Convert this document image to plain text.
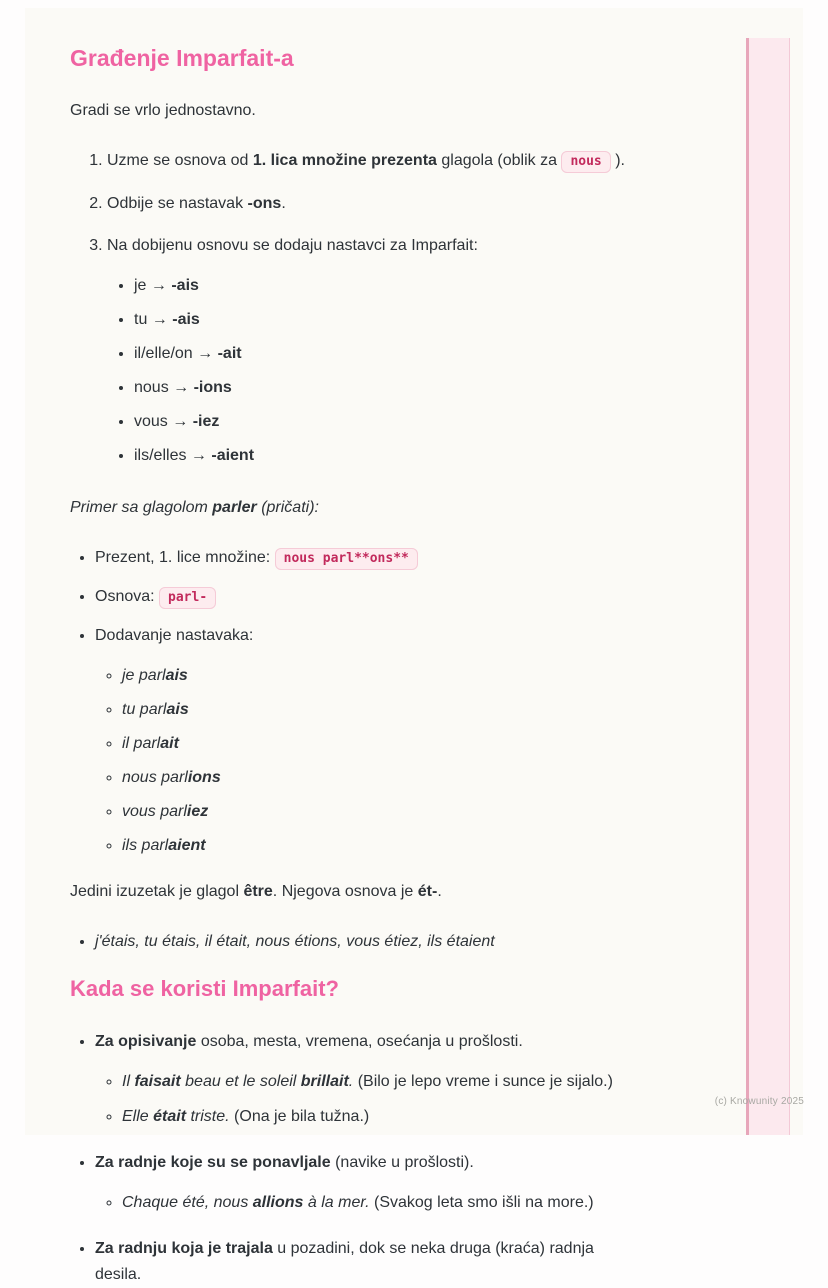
Građenje Imparfait-a

Gradi se vrlo jednostavno.

1. Uzme se osnova od 1. lica množine prezenta glagola (oblik za nous ).
2. Odbije se nastavak -ons.
3. Na dobijenu osnovu se dodaju nastavci za Imparfait:
• je → -ais
• tu → -ais
• il/elle/on → -ait
• nous → -ions
• vous → -iez
• ils/elles → -aient

Primer sa glagolom parler (pričati):

• Prezent, 1. lice množine: nous parl**ons**
• Osnova: parl-
• Dodavanje nastavaka:
◦ je parlais
◦ tu parlais
◦ il parlait
◦ nous parlions
◦ vous parliez
◦ ils parlaient

Jedini izuzetak je glagol être. Njegova osnova je ét-.

• j'étais, tu étais, il était, nous étions, vous étiez, ils étaient
Kada se koristi Imparfait?
• Za opisivanje osoba, mesta, vremena, osećanja u prošlosti.
◦ Il faisait beau et le soleil brillait. (Bilo je lepo vreme i sunce je sijalo.)
◦ Elle était triste. (Ona je bila tužna.)
• Za radnje koje su se ponavljale (navike u prošlosti).
◦ Chaque été, nous allions à la mer. (Svakog leta smo išli na more.)
• Za radnju koja je trajala u pozadini, dok se neka druga (kraća) radnja
desila.
(c) Knowunity 2025
